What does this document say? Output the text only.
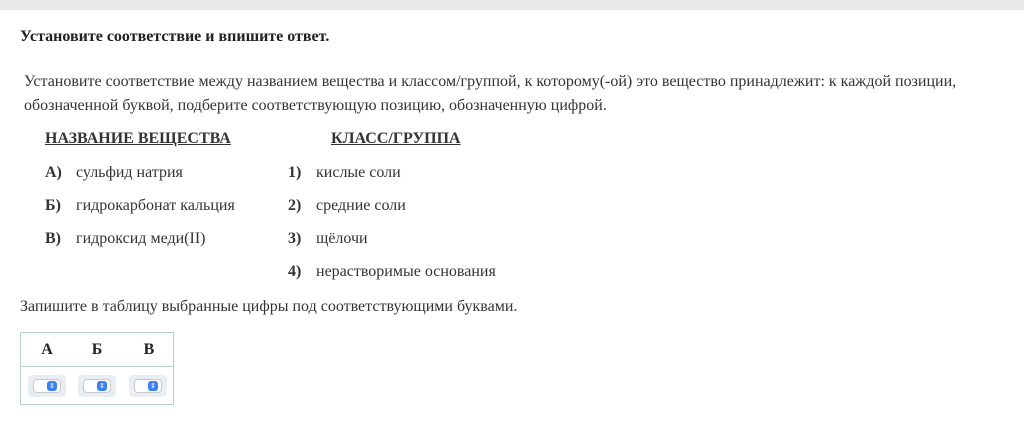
Установите соответствие и впишите ответ.
Установите соответствие между названием вещества и классом/группой, к которому(-ой) это вещество принадлежит: к каждой позиции, обозначенной буквой, подберите соответствующую позицию, обозначенную цифрой.
НАЗВАНИЕ ВЕЩЕСТВА	КЛАСС/ГРУППА
А) сульфид натрия
Б) гидрокарбонат кальция
В) гидроксид меди(II)
1) кислые соли
2) средние соли
3) щёлочи
4) нерастворимые основания
Запишите в таблицу выбранные цифры под соответствующими буквами.
А	Б	В
⇕	⇕	⇕
